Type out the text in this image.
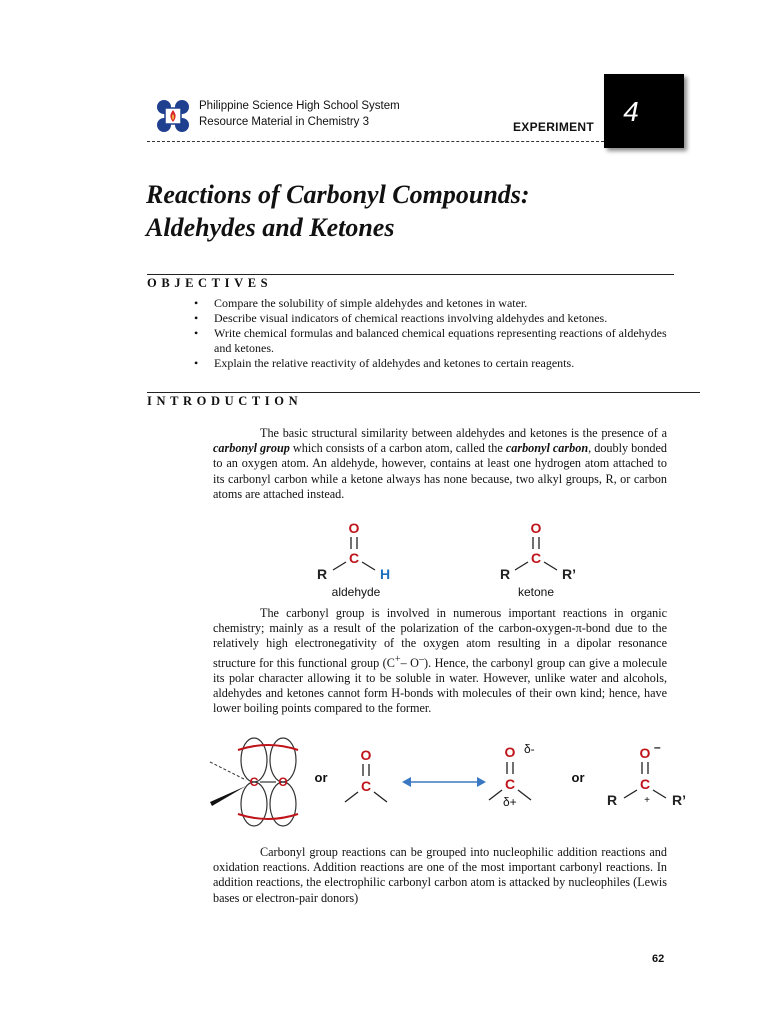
Philippine Science High School System
Resource Material in Chemistry 3	EXPERIMENT	4
Reactions of Carbonyl Compounds:
Aldehydes and Ketones
OBJECTIVES
• Compare the solubility of simple aldehydes and ketones in water.
• Describe visual indicators of chemical reactions involving aldehydes and ketones.
• Write chemical formulas and balanced chemical equations representing reactions of aldehydes and ketones.
• Explain the relative reactivity of aldehydes and ketones to certain reagents.
INTRODUCTION

The basic structural similarity between aldehydes and ketones is the presence of a carbonyl group which consists of a carbon atom, called the carbonyl carbon, doubly bonded to an oxygen atom. An aldehyde, however, contains at least one hydrogen atom attached to its carbonyl carbon while a ketone always has none because, two alkyl groups, R, or carbon atoms are attached instead.

O
C
R	H
aldehyde
O
C
R	R’
ketone

The carbonyl group is involved in numerous important reactions in organic chemistry; mainly as a result of the polarization of the carbon-oxygen-π-bond due to the relatively high electronegativity of the oxygen atom resulting in a dipolar resonance structure for this functional group (C+– O–). Hence, the carbonyl group can give a molecule its polar character allowing it to be soluble in water. However, unlike water and alcohols, aldehydes and ketones cannot form H-bonds with molecules of their own kind; hence, have lower boiling points compared to the former.

C O or
O
C
O δ-
C
δ+
or
O –
C
R	+ R’

Carbonyl group reactions can be grouped into nucleophilic addition reactions and oxidation reactions. Addition reactions are one of the most important carbonyl reactions. In addition reactions, the electrophilic carbonyl carbon atom is attacked by nucleophiles (Lewis bases or electron-pair donors)

62
